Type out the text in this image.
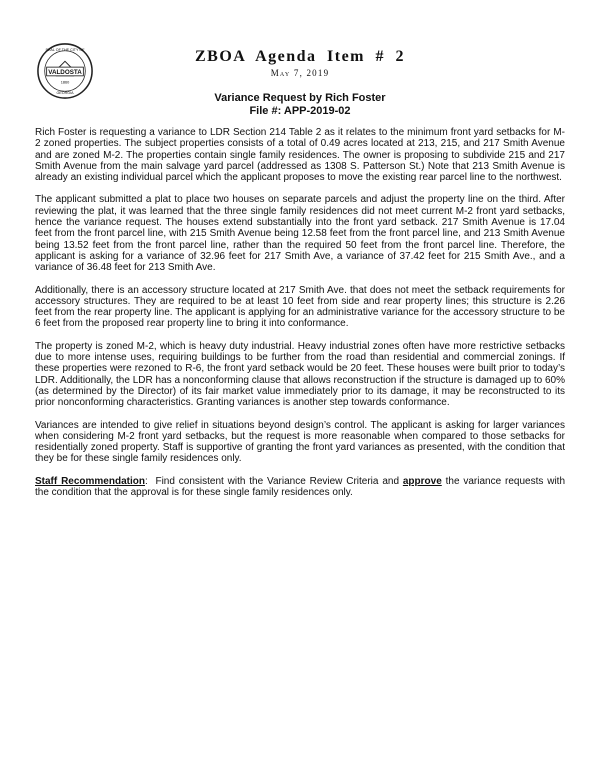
VALDOSTA
1860
SEAL OF THE CITY OF
GEORGIA
ZBOA Agenda Item # 2
May 7, 2019
Variance Request by Rich Foster
File #: APP-2019-02

Rich Foster is requesting a variance to LDR Section 214 Table 2 as it relates to the minimum front yard setbacks for M-2 zoned properties. The subject properties consists of a total of 0.49 acres located at 213, 215, and 217 Smith Avenue and are zoned M-2. The properties contain single family residences. The owner is proposing to subdivide 215 and 217 Smith Avenue from the main salvage yard parcel (addressed as 1308 S. Patterson St.) Note that 213 Smith Avenue is already an existing individual parcel which the applicant proposes to move the existing rear parcel line to the northwest.

The applicant submitted a plat to place two houses on separate parcels and adjust the property line on the third. After reviewing the plat, it was learned that the three single family residences did not meet current M-2 front yard setbacks, hence the variance request. The houses extend substantially into the front yard setback. 217 Smith Avenue is 17.04 feet from the front parcel line, with 215 Smith Avenue being 12.58 feet from the front parcel line, and 213 Smith Avenue being 13.52 feet from the front parcel line, rather than the required 50 feet from the front parcel line. Therefore, the applicant is asking for a variance of 32.96 feet for 217 Smith Ave, a variance of 37.42 feet for 215 Smith Ave., and a variance of 36.48 feet for 213 Smith Ave.

Additionally, there is an accessory structure located at 217 Smith Ave. that does not meet the setback requirements for accessory structures. They are required to be at least 10 feet from side and rear property lines; this structure is 2.26 feet from the rear property line. The applicant is applying for an administrative variance for the accessory structure to be 6 feet from the proposed rear property line to bring it into conformance.

The property is zoned M-2, which is heavy duty industrial. Heavy industrial zones often have more restrictive setbacks due to more intense uses, requiring buildings to be further from the road than residential and commercial zonings. If these properties were rezoned to R-6, the front yard setback would be 20 feet. These houses were built prior to today’s LDR. Additionally, the LDR has a nonconforming clause that allows reconstruction if the structure is damaged up to 60% (as determined by the Director) of its fair market value immediately prior to its damage, it may be reconstructed to its prior nonconforming characteristics. Granting variances is another step towards conformance.

Variances are intended to give relief in situations beyond design’s control. The applicant is asking for larger variances when considering M-2 front yard setbacks, but the request is more reasonable when compared to those setbacks for residentially zoned property. Staff is supportive of granting the front yard variances as presented, with the condition that they be for these single family residences only.

Staff Recommendation:  Find consistent with the Variance Review Criteria and approve the variance requests with the condition that the approval is for these single family residences only.
